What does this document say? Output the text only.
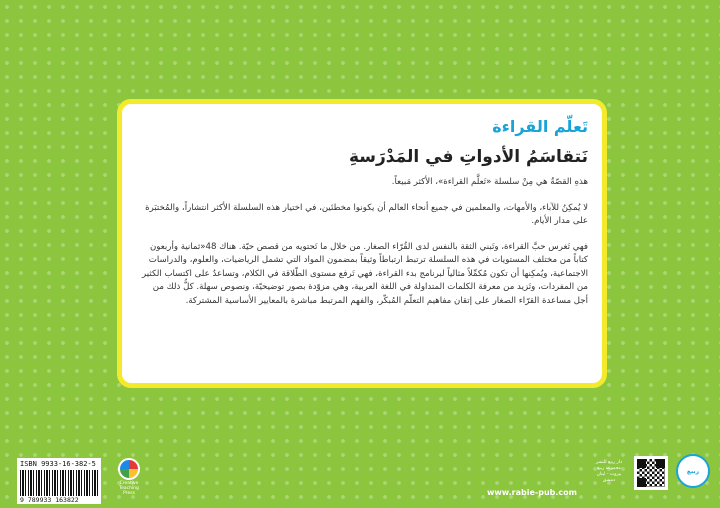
تَعلّم القراءة
نَتقاسَمُ الأدواتِ في المَدْرَسةِ

هذهِ القصّةُ هي مِنْ سلسلة «تَعلَّم القراءة»، الأكثر مَبيعاً.

لا يُمكِنُ للآباء، والأمهات، والمعلمين في جميع أنحاء العالم أن يكونوا مخطئين، في اختيار هذه السلسلة الأكثر انتشاراً، والمُختبَرة على مدار الأيام.

فهي تَغرس حبَّ القراءة، وتَبني الثقة بالنفس لدى القُرّاء الصغار. من خلال ما تَحتويه من قصص حيّة. هناك 48«ثمانية وأربعون كتاباً من مختلف المستويات في هذه السلسلة ترتبط ارتباطاً وثيقاً بمضمون المواد التي تشمل الرياضيات، والعلوم، والدراسات الاجتماعية، ويُمكِنها أن تكون مُكمِّلاً مثالياً لبرنامج بدء القراءة، فهي تَرفع مستوى الطّلاقة في الكلام، وتساعدُ على اكتساب الكثير من المفردات، وتَزيد من معرفة الكلمات المتداولة في اللغة العربية، وهي مزوّدة بصور توضيحيّة، ونصوص سهلة. كلُّ ذلك من أجل مساعدة القرّاء الصغار على إتقان مفاهيم التعلّم المُبكّر، والفهم المرتبط مباشرة بالمعايير الأساسية المشتركة.

ISBN 9933-16-382-5
9 789933 163822
Creative Teaching Press	www.rabie-pub.com
دار ربيع للنشر
مجموعة ربيع
بيروت - لبنان
دمشق
ربيع
